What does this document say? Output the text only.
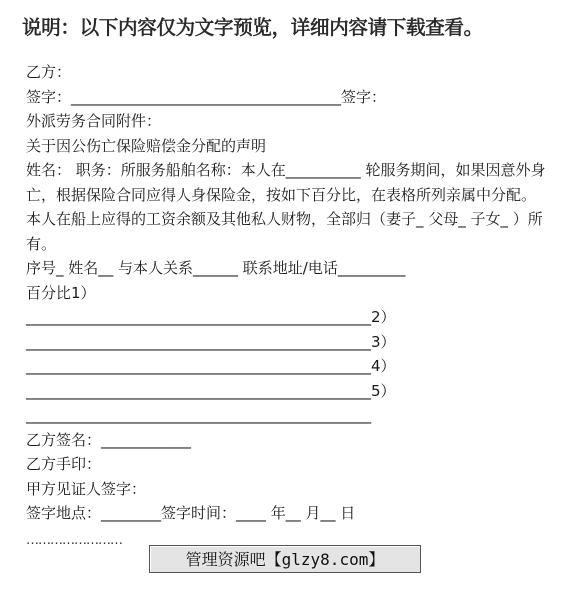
说明：以下内容仅为文字预览，详细内容请下载查看。
乙方：
签字：____________________________________签字：
外派劳务合同附件：
关于因公伤亡保险赔偿金分配的声明
姓名： 职务：所服务船舶名称：本人在__________ 轮服务期间，如果因意外身亡，根据保险合同应得人身保险金，按如下百分比，在表格所列亲属中分配。本人在船上应得的工资余额及其他私人财物，全部归（妻子_ 父母_ 子女_ ）所有。
序号_ 姓名__ 与本人关系______ 联系地址/电话_________
百分比1）
______________________________________________2）
______________________________________________3）
______________________________________________4）
______________________________________________5）
______________________________________________
乙方签名：____________
乙方手印：
甲方见证人签字：
签字地点：________签字时间：____ 年__ 月__ 日
……………………
管理资源吧【glzy8.com】
